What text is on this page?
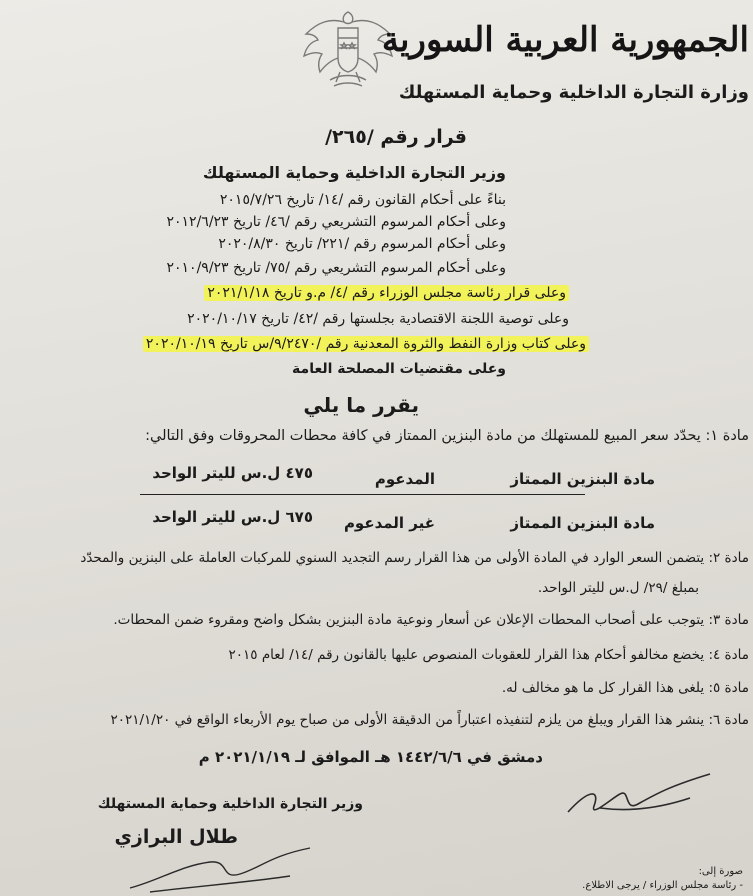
الجمهورية العربية السورية
وزارة التجارة الداخلية وحماية المستهلك
قرار رقم /٢٦٥/
وزير التجارة الداخلية وحماية المستهلك
بناءً على أحكام القانون رقم /١٤/ تاريخ ٢٠١٥/٧/٢٦
وعلى أحكام المرسوم التشريعي رقم /٤٦/ تاريخ ٢٠١٢/٦/٢٣
وعلى أحكام المرسوم رقم /٢٢١/ تاريخ ٢٠٢٠/٨/٣٠
وعلى أحكام المرسوم التشريعي رقم /٧٥/ تاريخ ٢٠١٠/٩/٢٣
وعلى قرار رئاسة مجلس الوزراء رقم /٤/ م.و تاريخ ٢٠٢١/١/١٨
وعلى توصية اللجنة الاقتصادية بجلستها رقم /٤٢/ تاريخ ٢٠٢٠/١٠/١٧
وعلى كتاب وزارة النفط والثروة المعدنية رقم /٩/٢٤٧٠/س تاريخ ٢٠٢٠/١٠/١٩
وعلى مقتضيات المصلحة العامة
يقرر ما يلي
مادة ١: يحدّد سعر المبيع للمستهلك من مادة البنزين الممتاز في كافة محطات المحروقات وفق التالي:
مادة البنزين الممتاز
المدعوم
٤٧٥ ل.س لليتر الواحد
مادة البنزين الممتاز
غير المدعوم
٦٧٥ ل.س لليتر الواحد
مادة ٢: يتضمن السعر الوارد في المادة الأولى من هذا القرار رسم التجديد السنوي للمركبات العاملة على البنزين والمحدّد
بمبلغ /٢٩/ ل.س لليتر الواحد.
مادة ٣: يتوجب على أصحاب المحطات الإعلان عن أسعار ونوعية مادة البنزين بشكل واضح ومقروء ضمن المحطات.
مادة ٤: يخضع مخالفو أحكام هذا القرار للعقوبات المنصوص عليها بالقانون رقم /١٤/ لعام ٢٠١٥
مادة ٥: يلغى هذا القرار كل ما هو مخالف له.
مادة ٦: ينشر هذا القرار ويبلغ من يلزم لتنفيذه اعتباراً من الدقيقة الأولى من صباح يوم الأربعاء الواقع في ٢٠٢١/١/٢٠
دمشق في ١٤٤٢/٦/٦ هـ الموافق لـ ٢٠٢١/١/١٩ م
وزير التجارة الداخلية وحماية المستهلك
طلال البرازي
صورة إلى:
- رئاسة مجلس الوزراء / يرجى الاطلاع.
